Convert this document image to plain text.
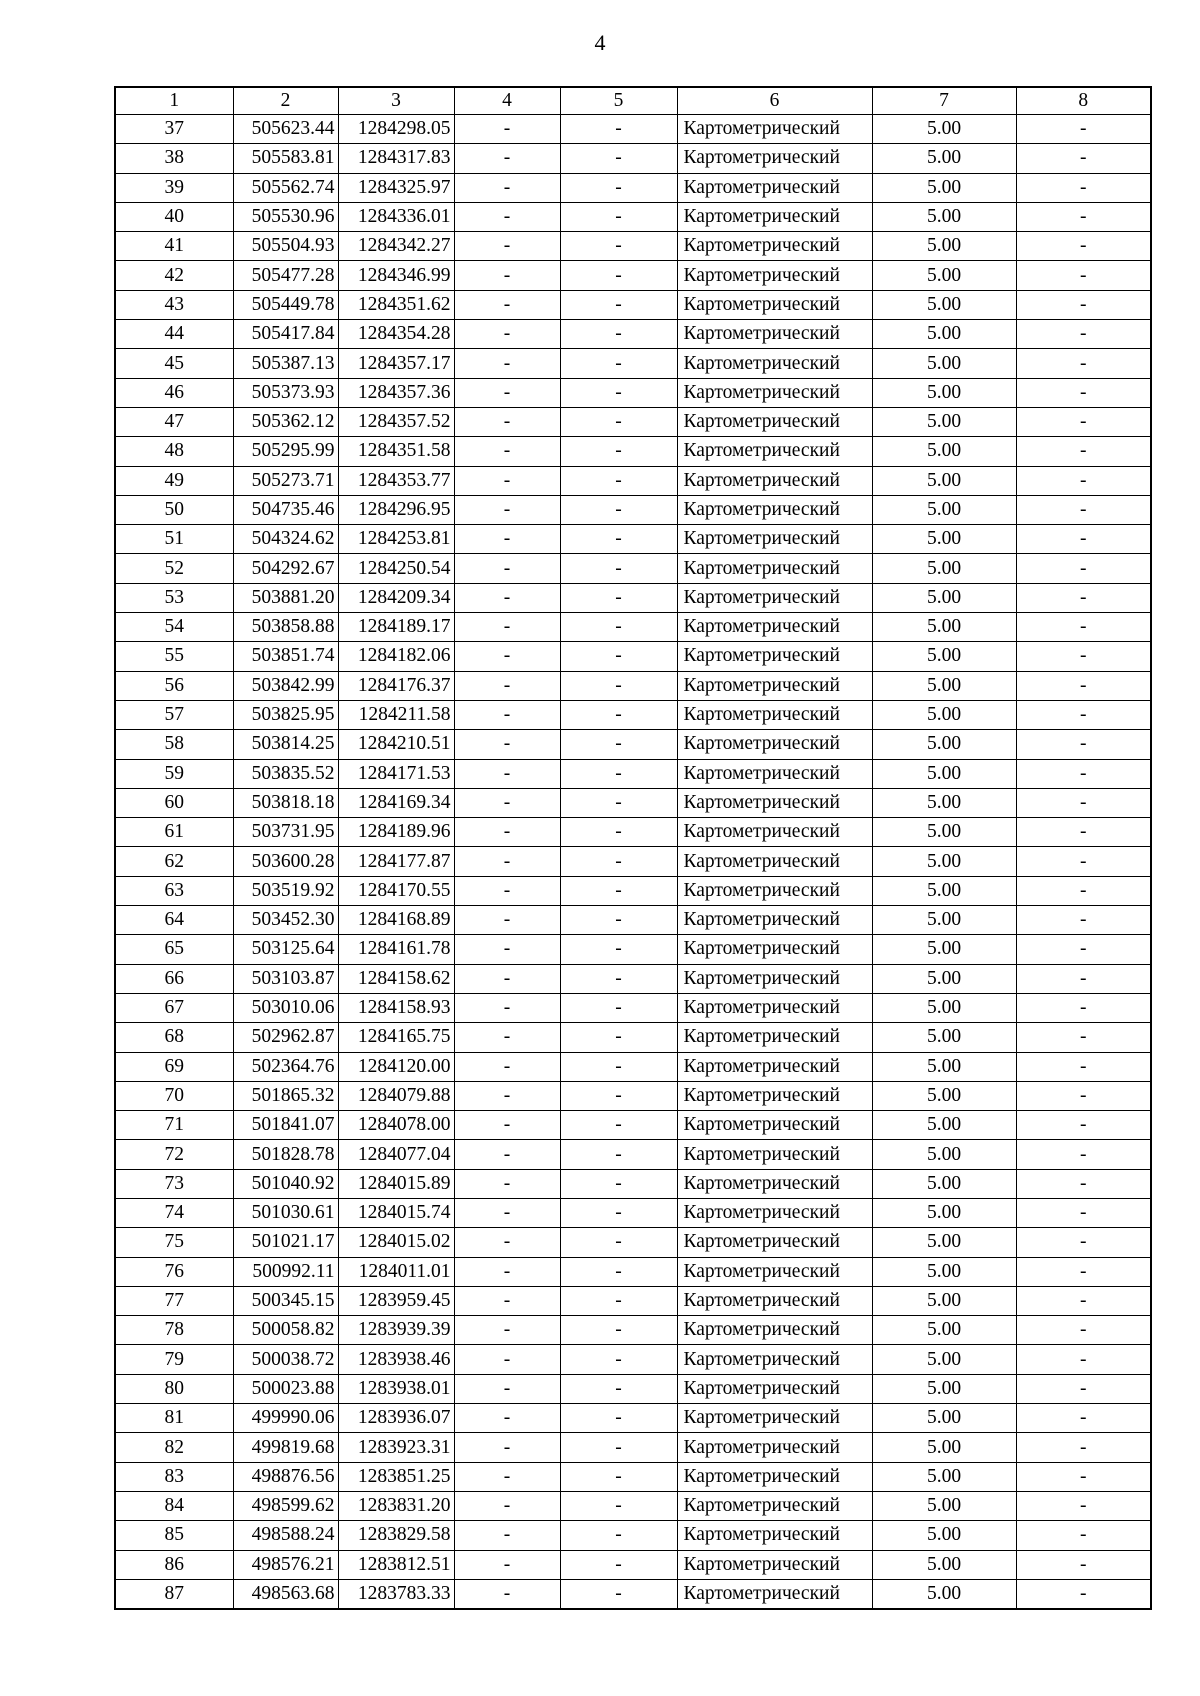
4
1	2	3	4	5	6	7	8
37	505623.44	1284298.05	-	-	Картометрический	5.00	-
38	505583.81	1284317.83	-	-	Картометрический	5.00	-
39	505562.74	1284325.97	-	-	Картометрический	5.00	-
40	505530.96	1284336.01	-	-	Картометрический	5.00	-
41	505504.93	1284342.27	-	-	Картометрический	5.00	-
42	505477.28	1284346.99	-	-	Картометрический	5.00	-
43	505449.78	1284351.62	-	-	Картометрический	5.00	-
44	505417.84	1284354.28	-	-	Картометрический	5.00	-
45	505387.13	1284357.17	-	-	Картометрический	5.00	-
46	505373.93	1284357.36	-	-	Картометрический	5.00	-
47	505362.12	1284357.52	-	-	Картометрический	5.00	-
48	505295.99	1284351.58	-	-	Картометрический	5.00	-
49	505273.71	1284353.77	-	-	Картометрический	5.00	-
50	504735.46	1284296.95	-	-	Картометрический	5.00	-
51	504324.62	1284253.81	-	-	Картометрический	5.00	-
52	504292.67	1284250.54	-	-	Картометрический	5.00	-
53	503881.20	1284209.34	-	-	Картометрический	5.00	-
54	503858.88	1284189.17	-	-	Картометрический	5.00	-
55	503851.74	1284182.06	-	-	Картометрический	5.00	-
56	503842.99	1284176.37	-	-	Картометрический	5.00	-
57	503825.95	1284211.58	-	-	Картометрический	5.00	-
58	503814.25	1284210.51	-	-	Картометрический	5.00	-
59	503835.52	1284171.53	-	-	Картометрический	5.00	-
60	503818.18	1284169.34	-	-	Картометрический	5.00	-
61	503731.95	1284189.96	-	-	Картометрический	5.00	-
62	503600.28	1284177.87	-	-	Картометрический	5.00	-
63	503519.92	1284170.55	-	-	Картометрический	5.00	-
64	503452.30	1284168.89	-	-	Картометрический	5.00	-
65	503125.64	1284161.78	-	-	Картометрический	5.00	-
66	503103.87	1284158.62	-	-	Картометрический	5.00	-
67	503010.06	1284158.93	-	-	Картометрический	5.00	-
68	502962.87	1284165.75	-	-	Картометрический	5.00	-
69	502364.76	1284120.00	-	-	Картометрический	5.00	-
70	501865.32	1284079.88	-	-	Картометрический	5.00	-
71	501841.07	1284078.00	-	-	Картометрический	5.00	-
72	501828.78	1284077.04	-	-	Картометрический	5.00	-
73	501040.92	1284015.89	-	-	Картометрический	5.00	-
74	501030.61	1284015.74	-	-	Картометрический	5.00	-
75	501021.17	1284015.02	-	-	Картометрический	5.00	-
76	500992.11	1284011.01	-	-	Картометрический	5.00	-
77	500345.15	1283959.45	-	-	Картометрический	5.00	-
78	500058.82	1283939.39	-	-	Картометрический	5.00	-
79	500038.72	1283938.46	-	-	Картометрический	5.00	-
80	500023.88	1283938.01	-	-	Картометрический	5.00	-
81	499990.06	1283936.07	-	-	Картометрический	5.00	-
82	499819.68	1283923.31	-	-	Картометрический	5.00	-
83	498876.56	1283851.25	-	-	Картометрический	5.00	-
84	498599.62	1283831.20	-	-	Картометрический	5.00	-
85	498588.24	1283829.58	-	-	Картометрический	5.00	-
86	498576.21	1283812.51	-	-	Картометрический	5.00	-
87	498563.68	1283783.33	-	-	Картометрический	5.00	-
